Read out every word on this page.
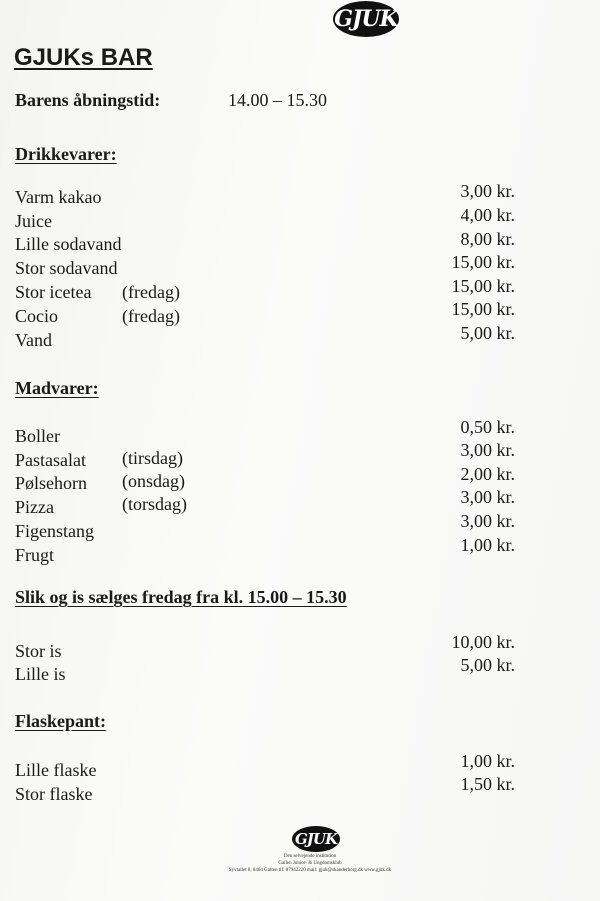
GJUK
GJUKs BAR
Barens åbningstid:	14.00 – 15.30
Drikkevarer:
Varm kakao	3,00 kr.
Juice	4,00 kr.
Lille sodavand	8,00 kr.
Stor sodavand	15,00 kr.
Stor icetea (fredag)	15,00 kr.
Cocio	(fredag)	15,00 kr.
Vand	5,00 kr.
Madvarer:
Boller	0,50 kr.
Pastasalat (tirsdag)	3,00 kr.
Pølsehorn (onsdag)	2,00 kr.
Pizza	(torsdag)	3,00 kr.
Figenstang	3,00 kr.
Frugt	1,00 kr.
Slik og is sælges fredag fra kl. 15.00 – 15.30
Stor is	10,00 kr.
Lille is	5,00 kr.
Flaskepant:
Lille flaske	1,00 kr.
Stor flaske	1,50 kr.
GJUK
Den selvejende institution
Gallen Junior- & Ungdomsklub
Syvtallet 8, 8464 Galten tlf: 87942220 mail: gjuk@skanderborg.dk www.gjuk.dk
